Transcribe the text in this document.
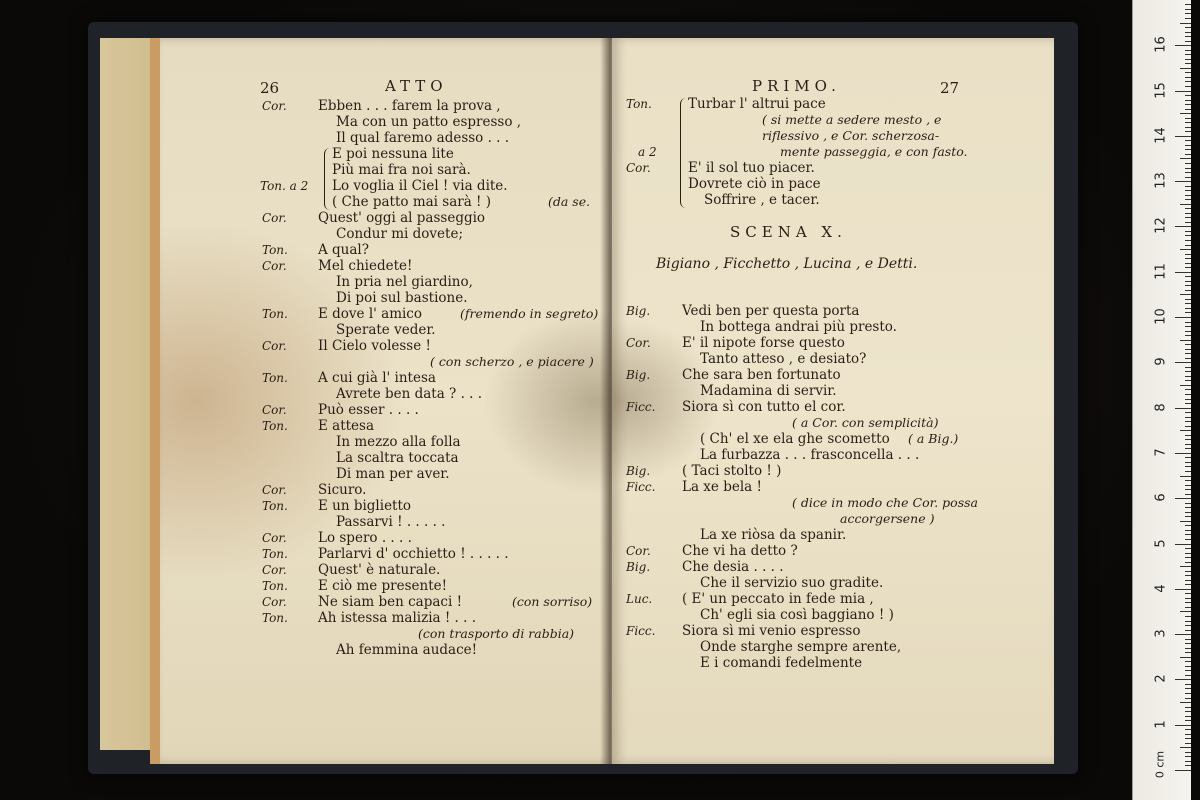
26	ATTO
Cor. Ebben . . . farem la prova ,
Ma con un patto espresso ,
Il qual faremo adesso . . .
E poi nessuna lite
Più mai fra noi sarà.
Ton. a 2 Lo voglia il Ciel ! via dite.
( Che patto mai sarà ! )	(da se.
Cor. Quest' oggi al passeggio
Condur mi dovete;
Ton. A qual?
Cor. Mel chiedete!
In pria nel giardino,
Di poi sul bastione.
Ton. E dove l' amico	(fremendo in segreto)
Sperate veder.
Cor. Il Cielo volesse !
( con scherzo , e piacere )
Ton. A cui già l' intesa
Avrete ben data ? . . .
Cor. Può esser . . . .
Ton. E attesa
In mezzo alla folla
La scaltra toccata
Di man per aver.
Cor. Sicuro.
Ton. E un biglietto
Passarvi ! . . . . .
Cor. Lo spero . . . .
Ton. Parlarvi d' occhietto ! . . . . .
Cor. Quest' è naturale.
Ton. E ciò me presente!
Cor. Ne siam ben capaci !	(con sorriso)
Ton. Ah istessa malizia ! . . .
(con trasporto di rabbia)
Ah femmina audace!
PRIMO.	27
SCENA X.
Bigiano , Ficchetto , Lucina , e Detti.
Ton.	Turbar l' altrui pace
( si mette a sedere mesto , e
riflessivo , e Cor. scherzosa-
a 2	mente passeggia, e con fasto.
Cor.	E' il sol tuo piacer.
Dovrete ciò in pace
Soffrire , e tacer.
Big. Vedi ben per questa porta
In bottega andrai più presto.
Cor. E' il nipote forse questo
Tanto atteso , e desiato?
Big. Che sara ben fortunato
Madamina di servir.
Ficc. Siora sì con tutto el cor.
( a Cor. con semplicità)
( Ch' el xe ela ghe scometto ( a Big.)
La furbazza . . . frasconcella . . .
Big. ( Taci stolto ! )
Ficc. La xe bela !
( dice in modo che Cor. possa
accorgersene )
La xe riòsa da spanir.
Cor. Che vi ha detto ?
Big. Che desia . . . .
Che il servizio suo gradite.
Luc. ( E' un peccato in fede mia ,
Ch' egli sia così baggiano ! )
Ficc. Siora sì mi venio espresso
Onde starghe sempre arente,
E i comandi fedelmente
0 cm
1
2
3
4
5
6
7
8
9
10
11
12
13
14
15
16
